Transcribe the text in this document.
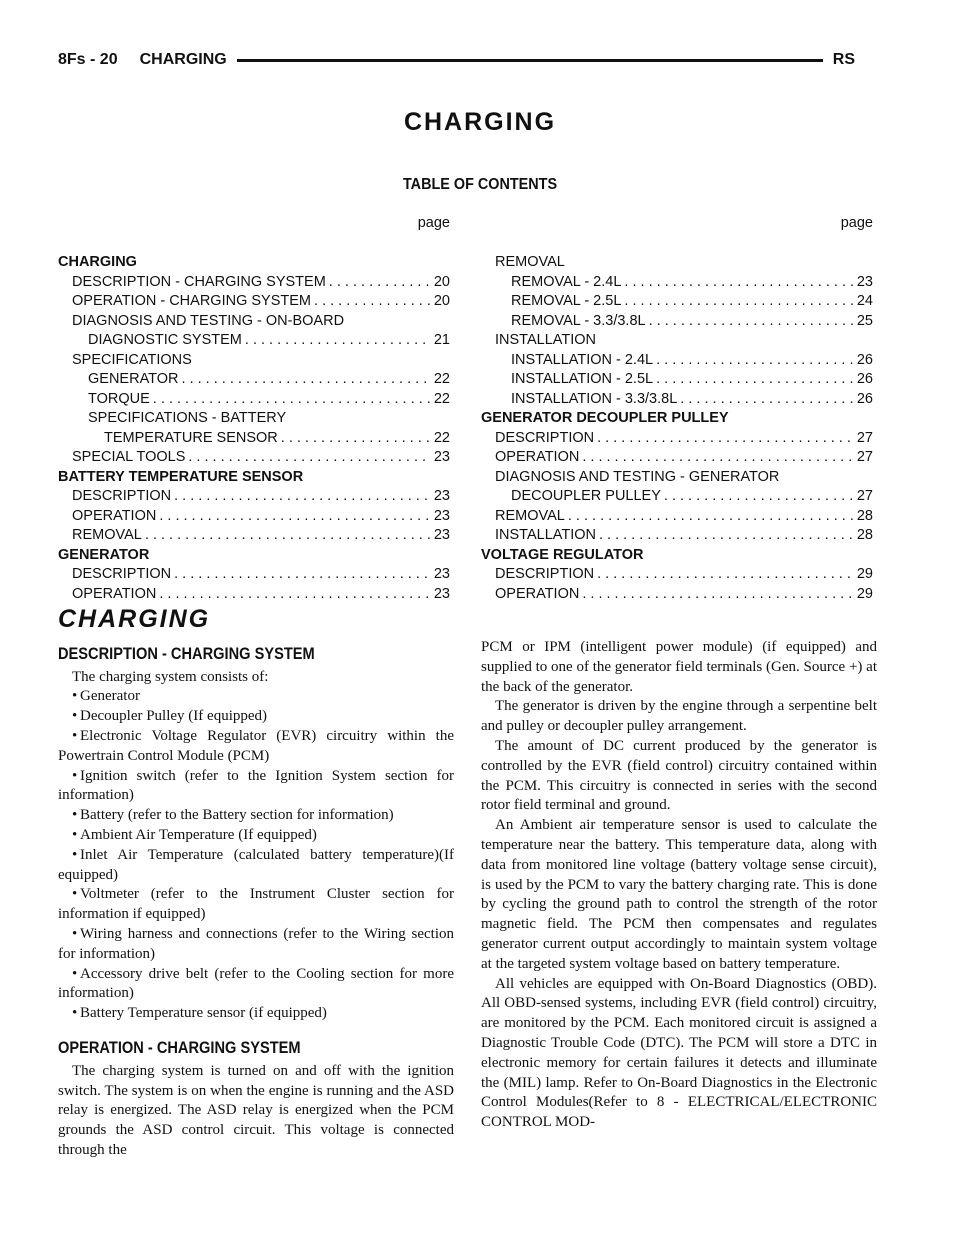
8Fs - 20 CHARGING	RS
CHARGING
TABLE OF CONTENTS
page
CHARGING
DESCRIPTION - CHARGING SYSTEM . . .	20
OPERATION - CHARGING SYSTEM . . .	20
DIAGNOSIS AND TESTING - ON-BOARD
DIAGNOSTIC SYSTEM . . .	21
SPECIFICATIONS
GENERATOR . . .	22
TORQUE . . .	22
SPECIFICATIONS - BATTERY
TEMPERATURE SENSOR . . .	22
SPECIAL TOOLS . . .	23
BATTERY TEMPERATURE SENSOR
DESCRIPTION . . .	23
OPERATION . . .	23
REMOVAL . . .	23
GENERATOR
DESCRIPTION . . .	23
OPERATION . . .	23
page
REMOVAL
REMOVAL - 2.4L . . .	23
REMOVAL - 2.5L . . .	24
REMOVAL - 3.3/3.8L . . .	25
INSTALLATION
INSTALLATION - 2.4L . . .	26
INSTALLATION - 2.5L . . .	26
INSTALLATION - 3.3/3.8L . . .	26
GENERATOR DECOUPLER PULLEY
DESCRIPTION . . .	27
OPERATION . . .	27
DIAGNOSIS AND TESTING - GENERATOR
DECOUPLER PULLEY . . .	27
REMOVAL . . .	28
INSTALLATION . . .	28
VOLTAGE REGULATOR
DESCRIPTION . . .	29
OPERATION . . .	29
CHARGING
DESCRIPTION - CHARGING SYSTEM

The charging system consists of:

• Generator

• Decoupler Pulley (If equipped)

• Electronic Voltage Regulator (EVR) circuitry within the Powertrain Control Module (PCM)

• Ignition switch (refer to the Ignition System section for information)

• Battery (refer to the Battery section for information)

• Ambient Air Temperature (If equipped)

• Inlet Air Temperature (calculated battery temperature)(If equipped)

• Voltmeter (refer to the Instrument Cluster section for information if equipped)

• Wiring harness and connections (refer to the Wiring section for information)

• Accessory drive belt (refer to the Cooling section for more information)

• Battery Temperature sensor (if equipped)

OPERATION - CHARGING SYSTEM

The charging system is turned on and off with the ignition switch. The system is on when the engine is running and the ASD relay is energized. The ASD relay is energized when the PCM grounds the ASD control circuit. This voltage is connected through the

PCM or IPM (intelligent power module) (if equipped) and supplied to one of the generator field terminals (Gen. Source +) at the back of the generator.

The generator is driven by the engine through a serpentine belt and pulley or decoupler pulley arrangement.

The amount of DC current produced by the generator is controlled by the EVR (field control) circuitry contained within the PCM. This circuitry is connected in series with the second rotor field terminal and ground.

An Ambient air temperature sensor is used to calculate the temperature near the battery. This temperature data, along with data from monitored line voltage (battery voltage sense circuit), is used by the PCM to vary the battery charging rate. This is done by cycling the ground path to control the strength of the rotor magnetic field. The PCM then compensates and regulates generator current output accordingly to maintain system voltage at the targeted system voltage based on battery temperature.

All vehicles are equipped with On-Board Diagnostics (OBD). All OBD-sensed systems, including EVR (field control) circuitry, are monitored by the PCM. Each monitored circuit is assigned a Diagnostic Trouble Code (DTC). The PCM will store a DTC in electronic memory for certain failures it detects and illuminate the (MIL) lamp. Refer to On-Board Diagnostics in the Electronic Control Modules(Refer to 8 - ELECTRICAL/ELECTRONIC CONTROL MOD-
